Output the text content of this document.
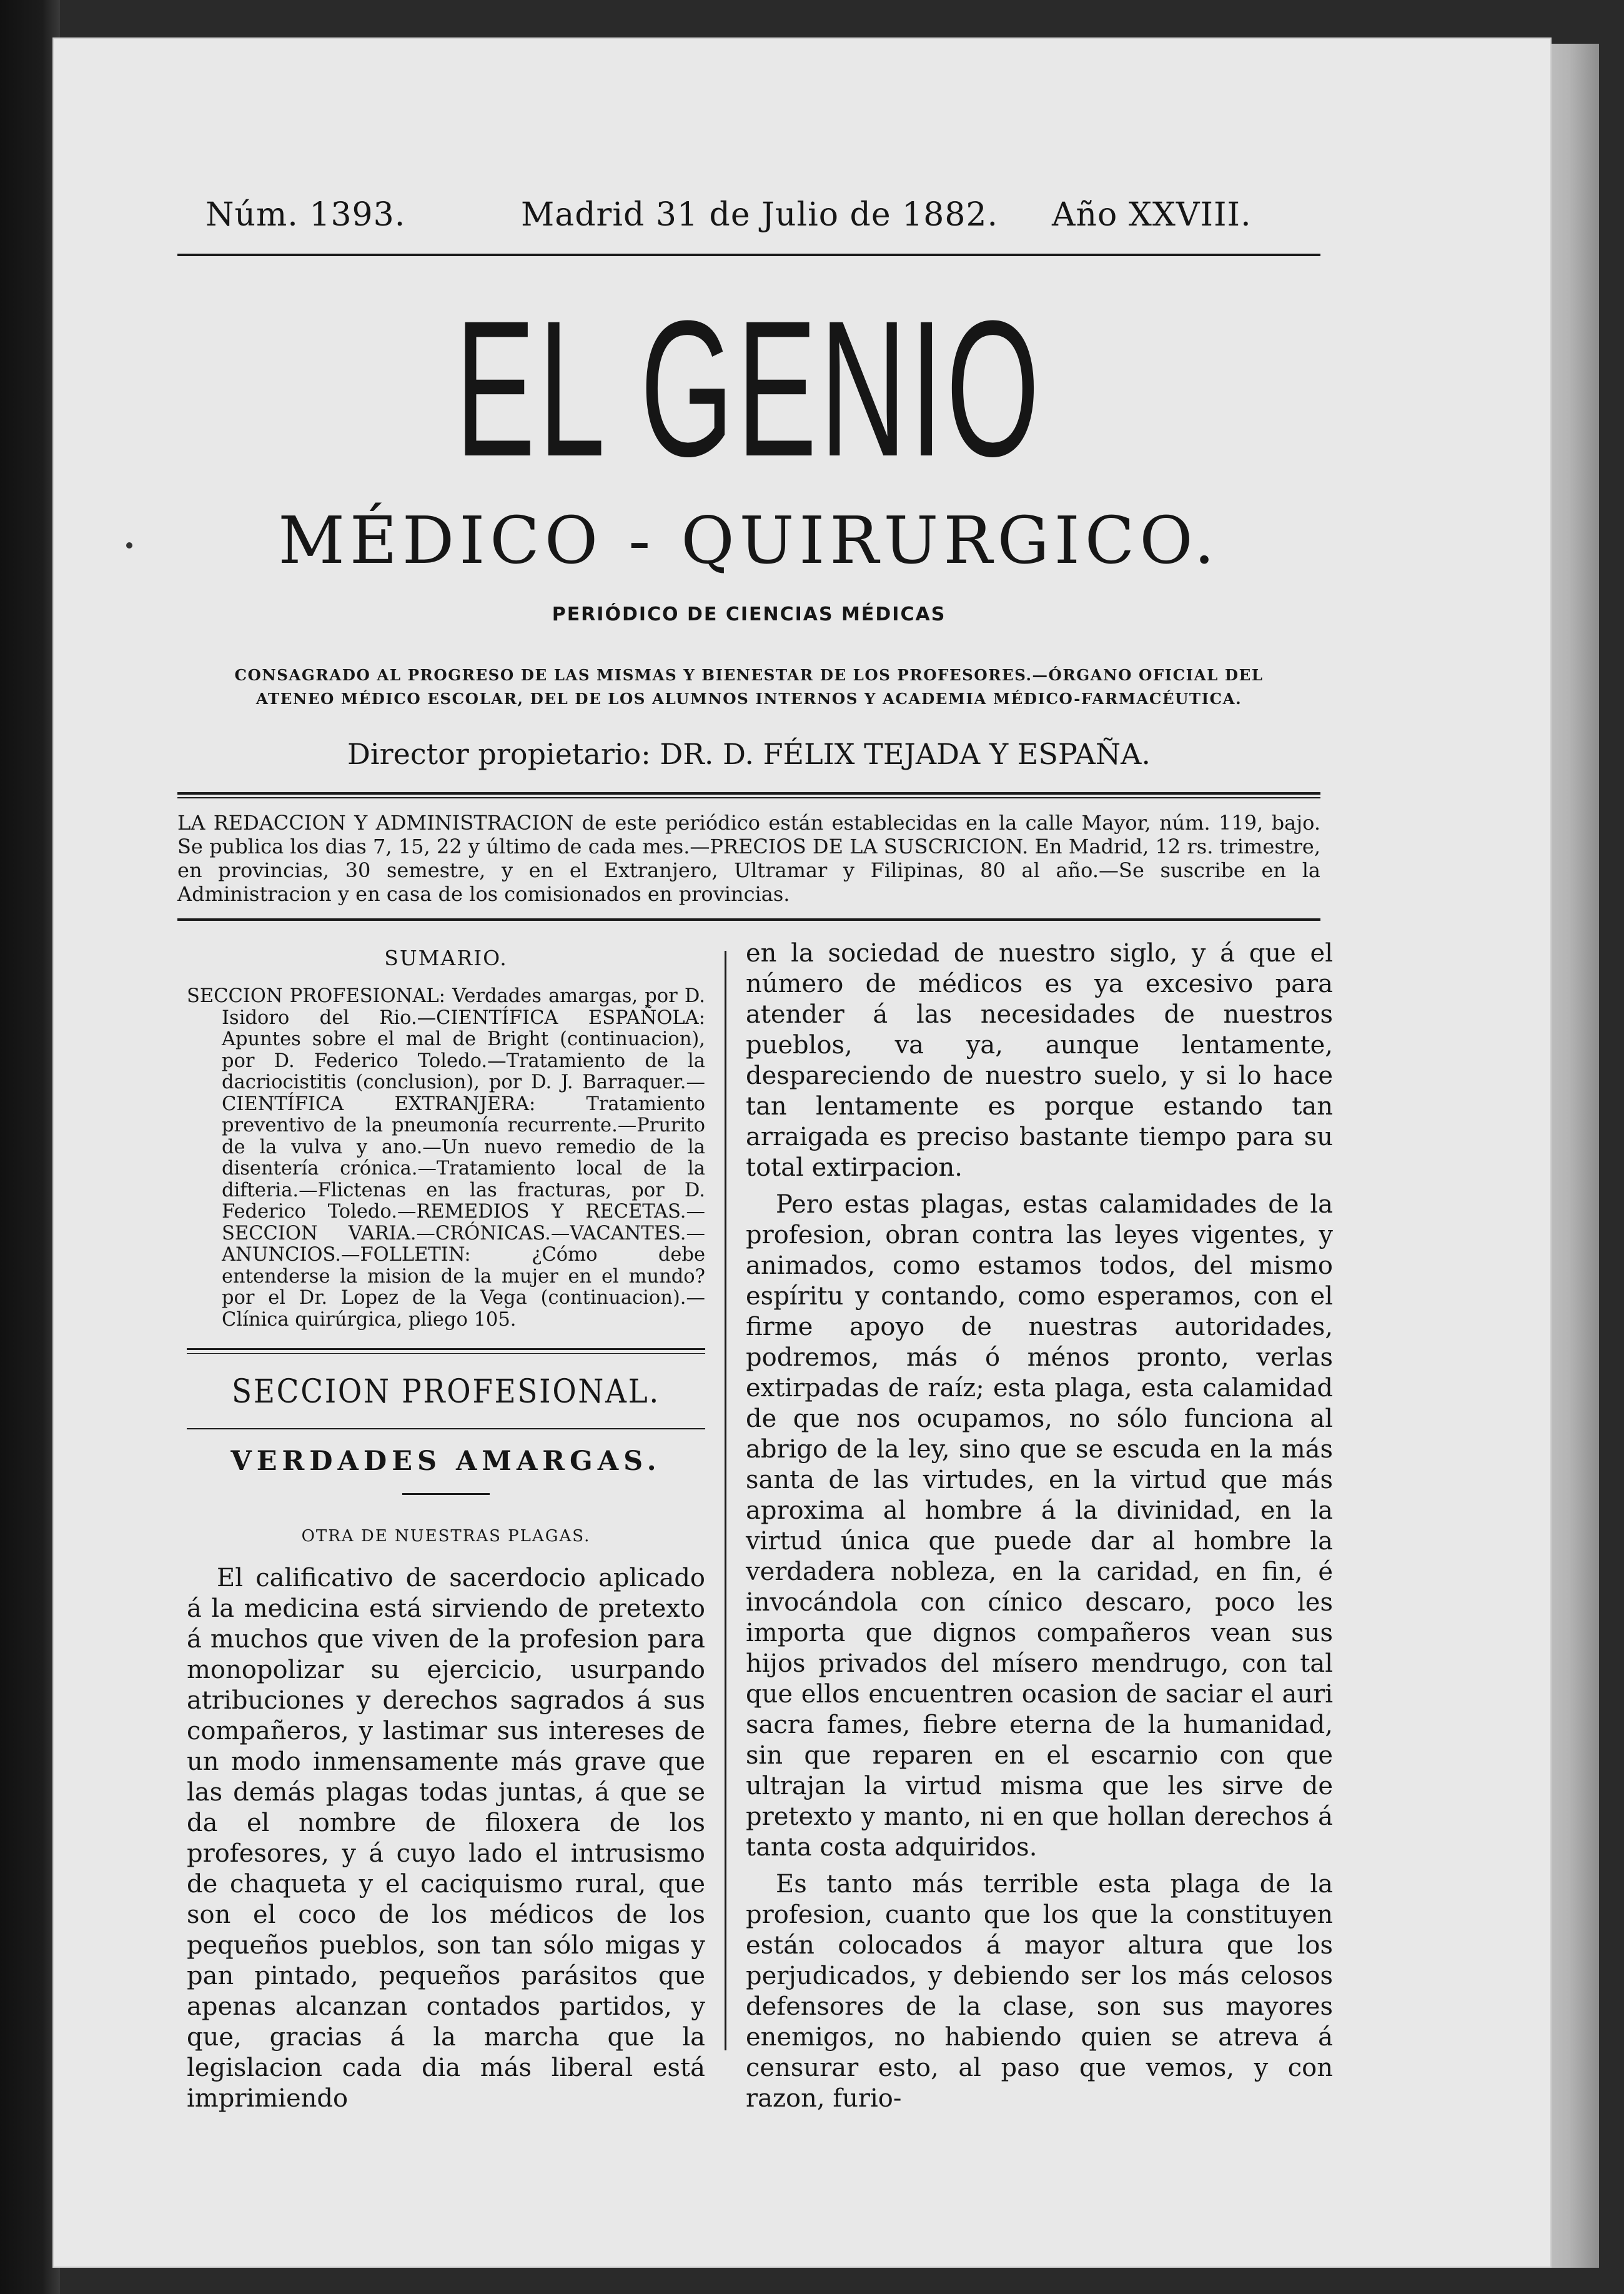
Núm. 1393.	Madrid 31 de Julio de 1882. Año XXVIII.
EL GENIO
MÉDICO - QUIRURGICO.
PERIÓDICO DE CIENCIAS MÉDICAS
CONSAGRADO AL PROGRESO DE LAS MISMAS Y BIENESTAR DE LOS PROFESORES.—ÓRGANO OFICIAL DEL
ATENEO MÉDICO ESCOLAR, DEL DE LOS ALUMNOS INTERNOS Y ACADEMIA MÉDICO-FARMACÉUTICA.
Director propietario: DR. D. FÉLIX TEJADA Y ESPAÑA.
LA REDACCION Y ADMINISTRACION de este periódico están establecidas en la calle Mayor, núm. 119, bajo. Se publica los dias 7, 15, 22 y último de cada mes.—PRECIOS DE LA SUSCRICION. En Madrid, 12 rs. trimestre, en provincias, 30 semestre, y en el Extranjero, Ultramar y Filipinas, 80 al año.—Se suscribe en la Administracion y en casa de los comisionados en provincias.
SUMARIO.

SECCION PROFESIONAL: Verdades amargas, por D. Isidoro del Rio.—CIENTÍFICA ESPAÑOLA: Apuntes sobre el mal de Bright (continuacion), por D. Federico Toledo.—Tratamiento de la dacriocistitis (conclusion), por D. J. Barraquer.—CIENTÍFICA EXTRANJERA: Tratamiento preventivo de la pneumonía recurrente.—Prurito de la vulva y ano.—Un nuevo remedio de la disentería crónica.—Tratamiento local de la difteria.—Flictenas en las fracturas, por D. Federico Toledo.—REMEDIOS Y RECETAS.—SECCION VARIA.—CRÓNICAS.—VACANTES.—ANUNCIOS.—FOLLETIN: ¿Cómo debe entenderse la mision de la mujer en el mundo? por el Dr. Lopez de la Vega (continuacion).—Clínica quirúrgica, pliego 105.

SECCION PROFESIONAL.
VERDADES AMARGAS.
OTRA DE NUESTRAS PLAGAS.

El calificativo de sacerdocio aplicado á la medicina está sirviendo de pretexto á muchos que viven de la profesion para monopolizar su ejercicio, usurpando atribuciones y derechos sagrados á sus compañeros, y lastimar sus intereses de un modo inmensamente más grave que las demás plagas todas juntas, á que se da el nombre de filoxera de los profesores, y á cuyo lado el intrusismo de chaqueta y el caciquismo rural, que son el coco de los médicos de los pequeños pueblos, son tan sólo migas y pan pintado, pequeños parásitos que apenas alcanzan contados partidos, y que, gracias á la marcha que la legislacion cada dia más liberal está imprimiendo

en la sociedad de nuestro siglo, y á que el número de médicos es ya excesivo para atender á las necesidades de nuestros pueblos, va ya, aunque lentamente, despareciendo de nuestro suelo, y si lo hace tan lentamente es porque estando tan arraigada es preciso bastante tiempo para su total extirpacion.

Pero estas plagas, estas calamidades de la profesion, obran contra las leyes vigentes, y animados, como estamos todos, del mismo espíritu y contando, como esperamos, con el firme apoyo de nuestras autoridades, podremos, más ó ménos pronto, verlas extirpadas de raíz; esta plaga, esta calamidad de que nos ocupamos, no sólo funciona al abrigo de la ley, sino que se escuda en la más santa de las virtudes, en la virtud que más aproxima al hombre á la divinidad, en la virtud única que puede dar al hombre la verdadera nobleza, en la caridad, en fin, é invocándola con cínico descaro, poco les importa que dignos compañeros vean sus hijos privados del mísero mendrugo, con tal que ellos encuentren ocasion de saciar el auri sacra fames, fiebre eterna de la humanidad, sin que reparen en el escarnio con que ultrajan la virtud misma que les sirve de pretexto y manto, ni en que hollan derechos á tanta costa adquiridos.

Es tanto más terrible esta plaga de la profesion, cuanto que los que la constituyen están colocados á mayor altura que los perjudicados, y debiendo ser los más celosos defensores de la clase, son sus mayores enemigos, no habiendo quien se atreva á censurar esto, al paso que vemos, y con razon, furio-
